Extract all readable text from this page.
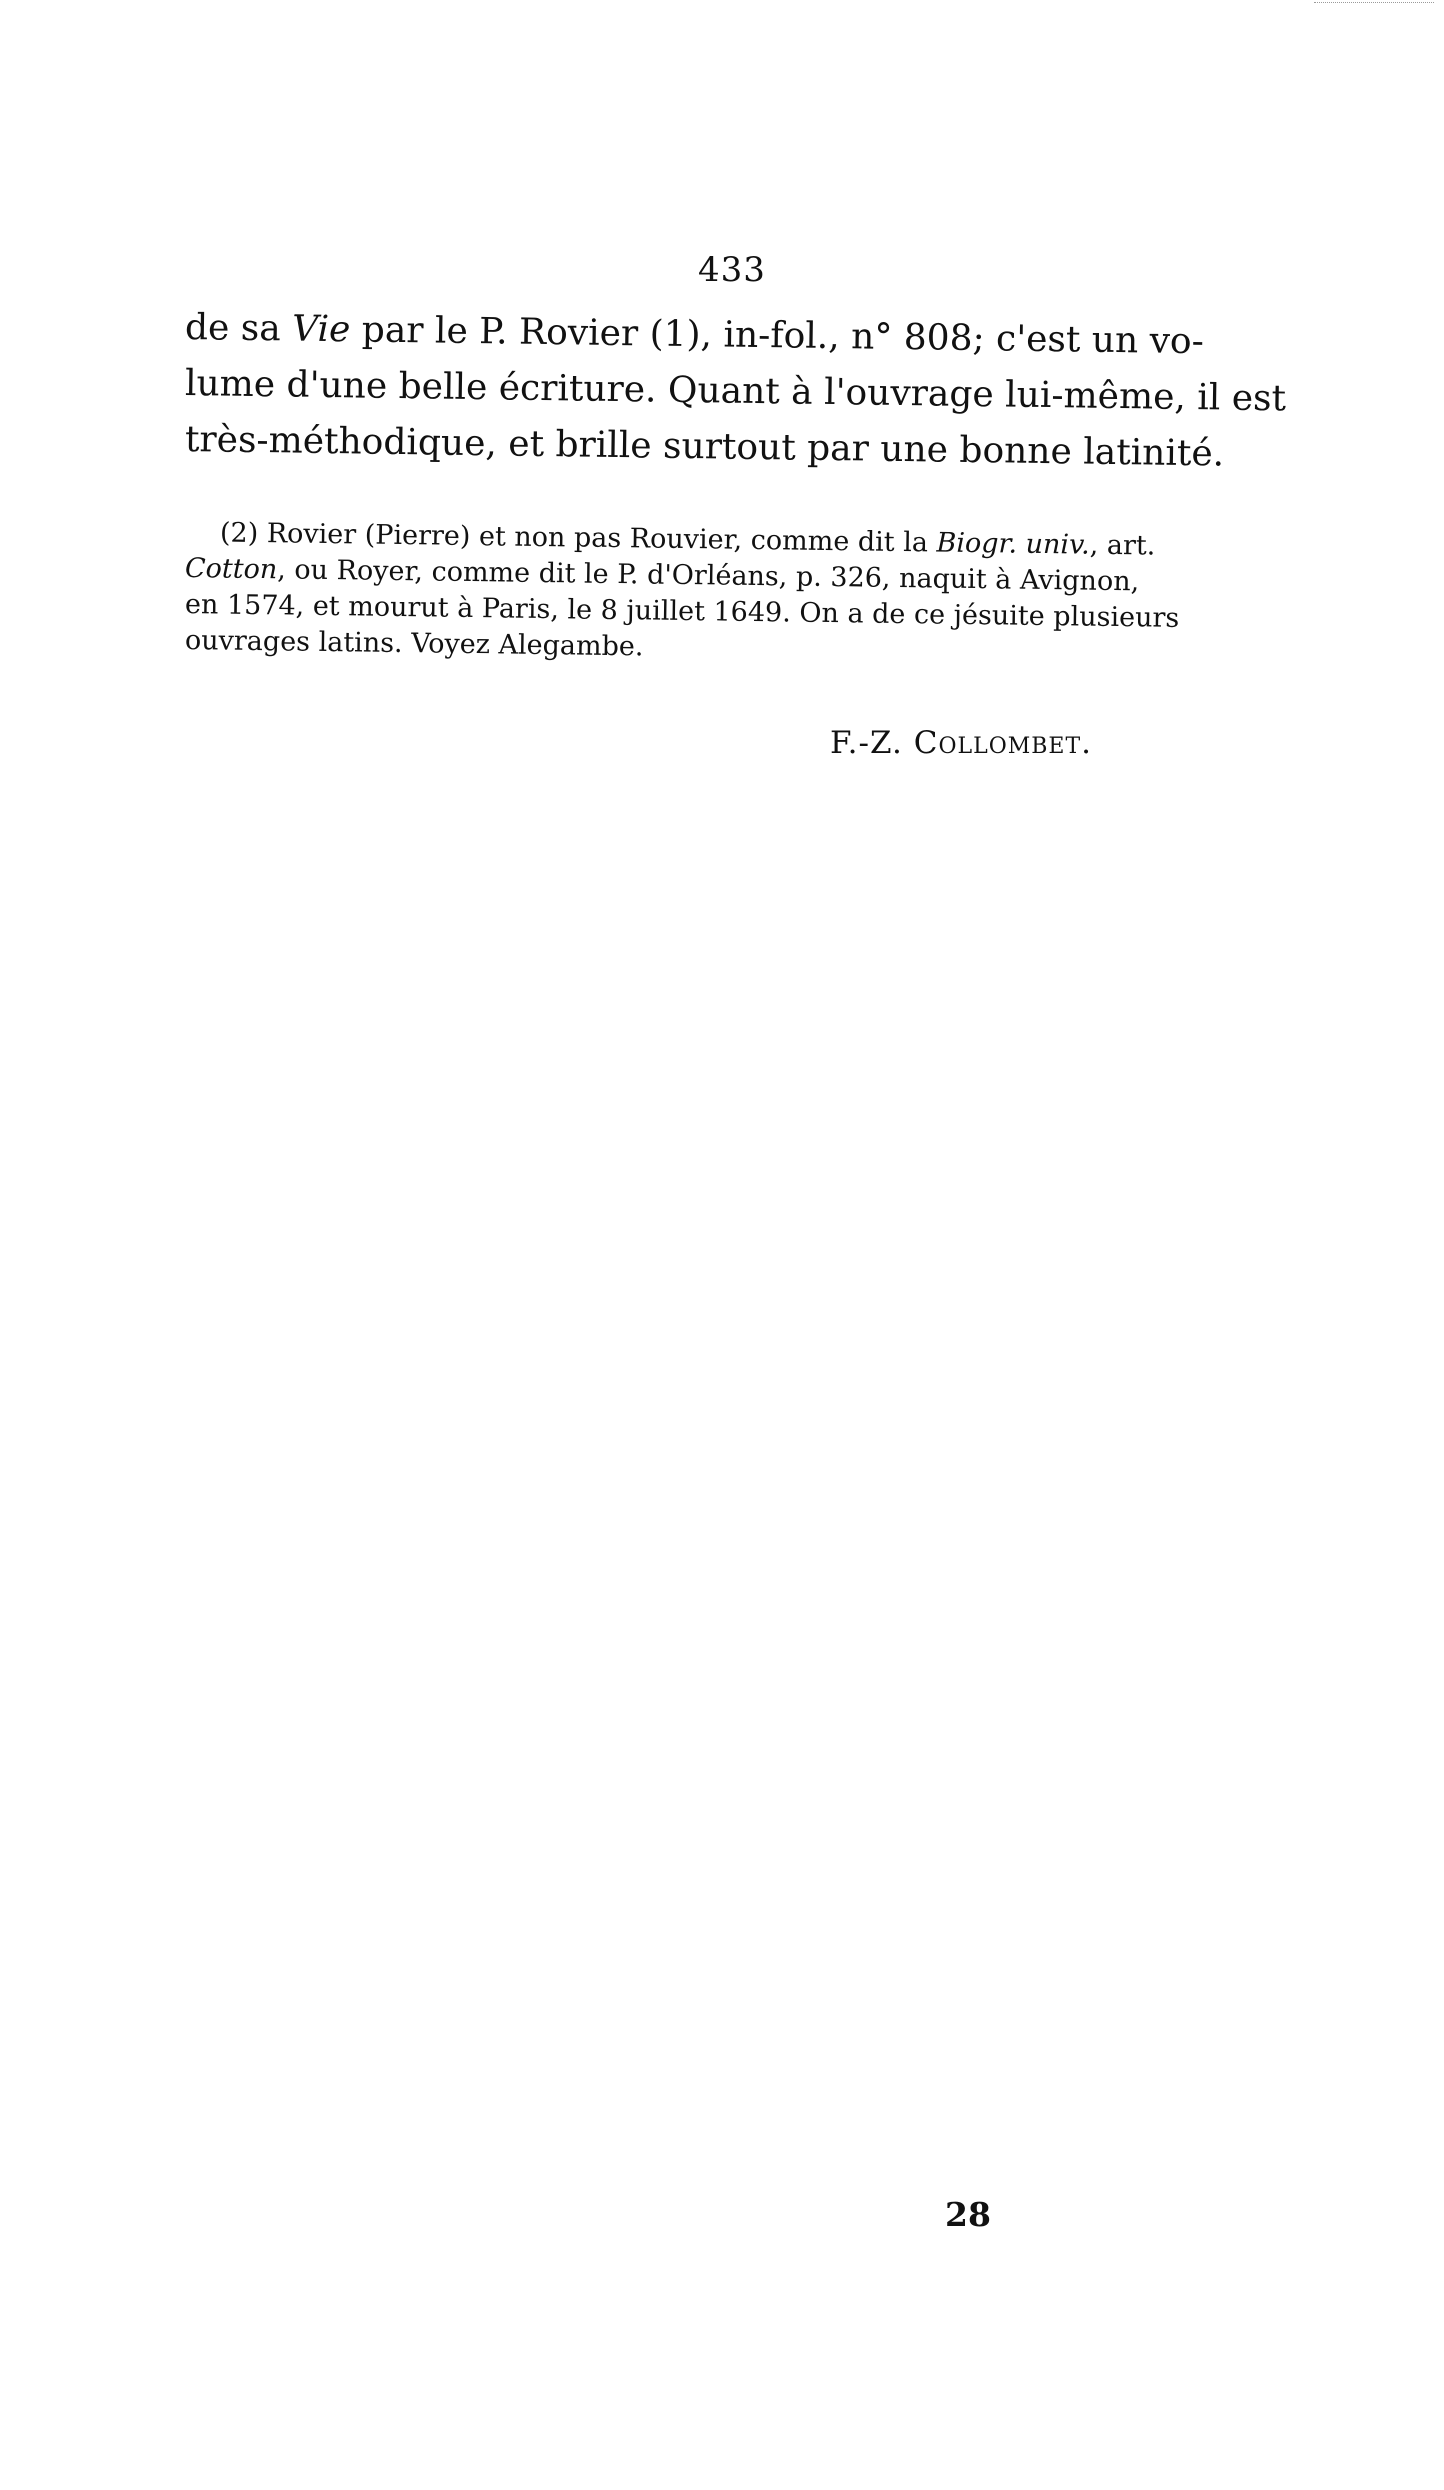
433
de sa Vie par le P. Rovier (1), in-fol., n° 808; c'est un vo-
lume d'une belle écriture. Quant à l'ouvrage lui-même, il est
très-méthodique, et brille surtout par une bonne latinité.
(2) Rovier (Pierre) et non pas Rouvier, comme dit la Biogr. univ., art.
Cotton, ou Royer, comme dit le P. d'Orléans, p. 326, naquit à Avignon,
en 1574, et mourut à Paris, le 8 juillet 1649. On a de ce jésuite plusieurs
ouvrages latins. Voyez Alegambe.
F.-Z. Collombet.
28
